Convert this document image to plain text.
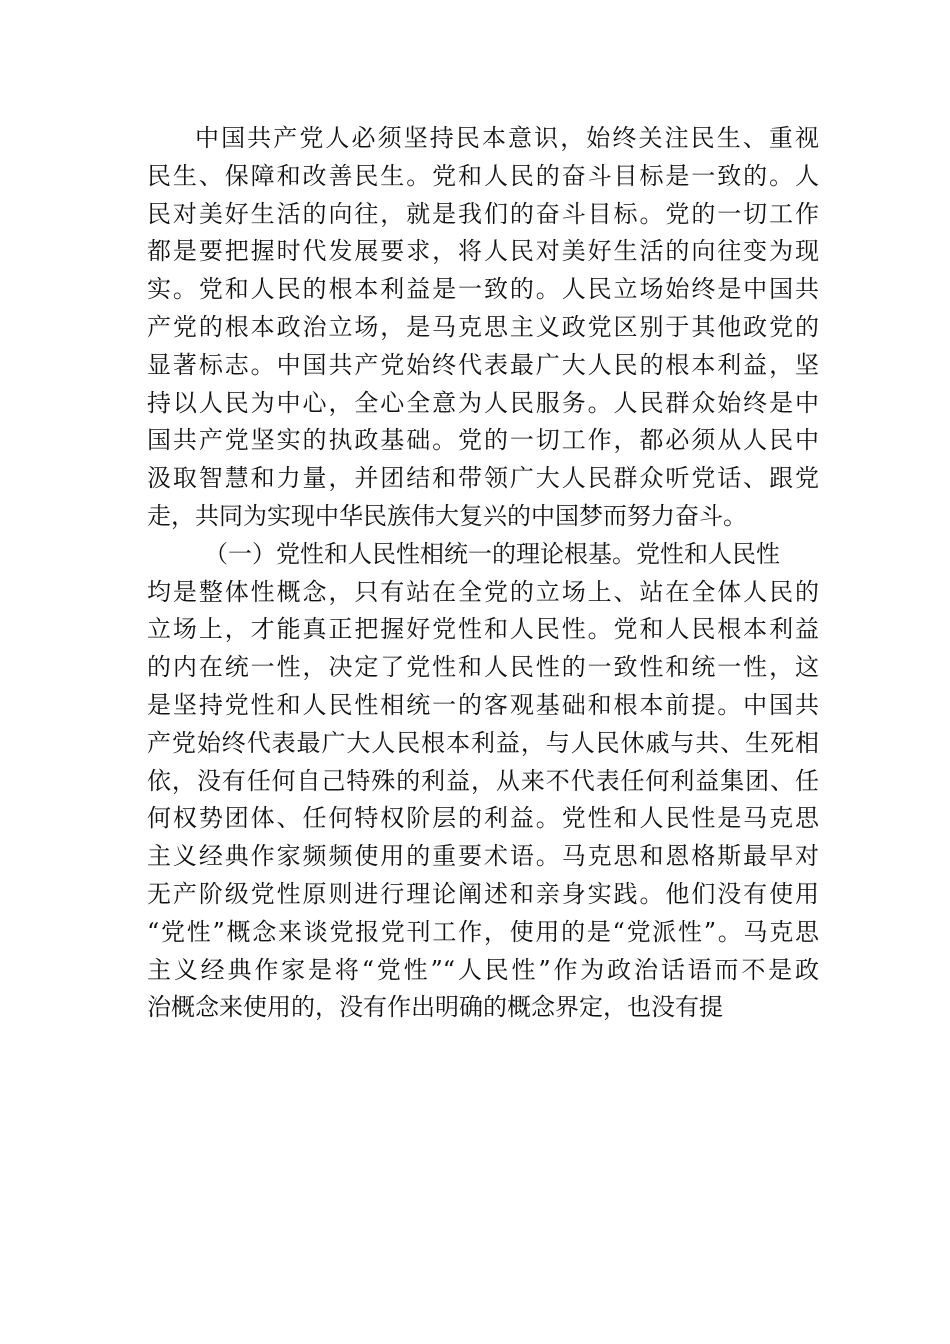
中国共产党人必须坚持民本意识，始终关注民生、重视
民生、保障和改善民生。党和人民的奋斗目标是一致的。人
民对美好生活的向往，就是我们的奋斗目标。党的一切工作
都是要把握时代发展要求，将人民对美好生活的向往变为现
实。党和人民的根本利益是一致的。人民立场始终是中国共
产党的根本政治立场，是马克思主义政党区别于其他政党的
显著标志。中国共产党始终代表最广大人民的根本利益，坚
持以人民为中心，全心全意为人民服务。人民群众始终是中
国共产党坚实的执政基础。党的一切工作，都必须从人民中
汲取智慧和力量，并团结和带领广大人民群众听党话、跟党
走，共同为实现中华民族伟大复兴的中国梦而努力奋斗。
（一）党性和人民性相统一的理论根基。党性和人民性
均是整体性概念，只有站在全党的立场上、站在全体人民的
立场上，才能真正把握好党性和人民性。党和人民根本利益
的内在统一性，决定了党性和人民性的一致性和统一性，这
是坚持党性和人民性相统一的客观基础和根本前提。中国共
产党始终代表最广大人民根本利益，与人民休戚与共、生死相
依，没有任何自己特殊的利益，从来不代表任何利益集团、任
何权势团体、任何特权阶层的利益。党性和人民性是马克思
主义经典作家频频使用的重要术语。马克思和恩格斯最早对
无产阶级党性原则进行理论阐述和亲身实践。他们没有使用
“党性”概念来谈党报党刊工作，使用的是“党派性”。马克思
主义经典作家是将“党性”“人民性”作为政治话语而不是政
治概念来使用的，没有作出明确的概念界定，也没有提
